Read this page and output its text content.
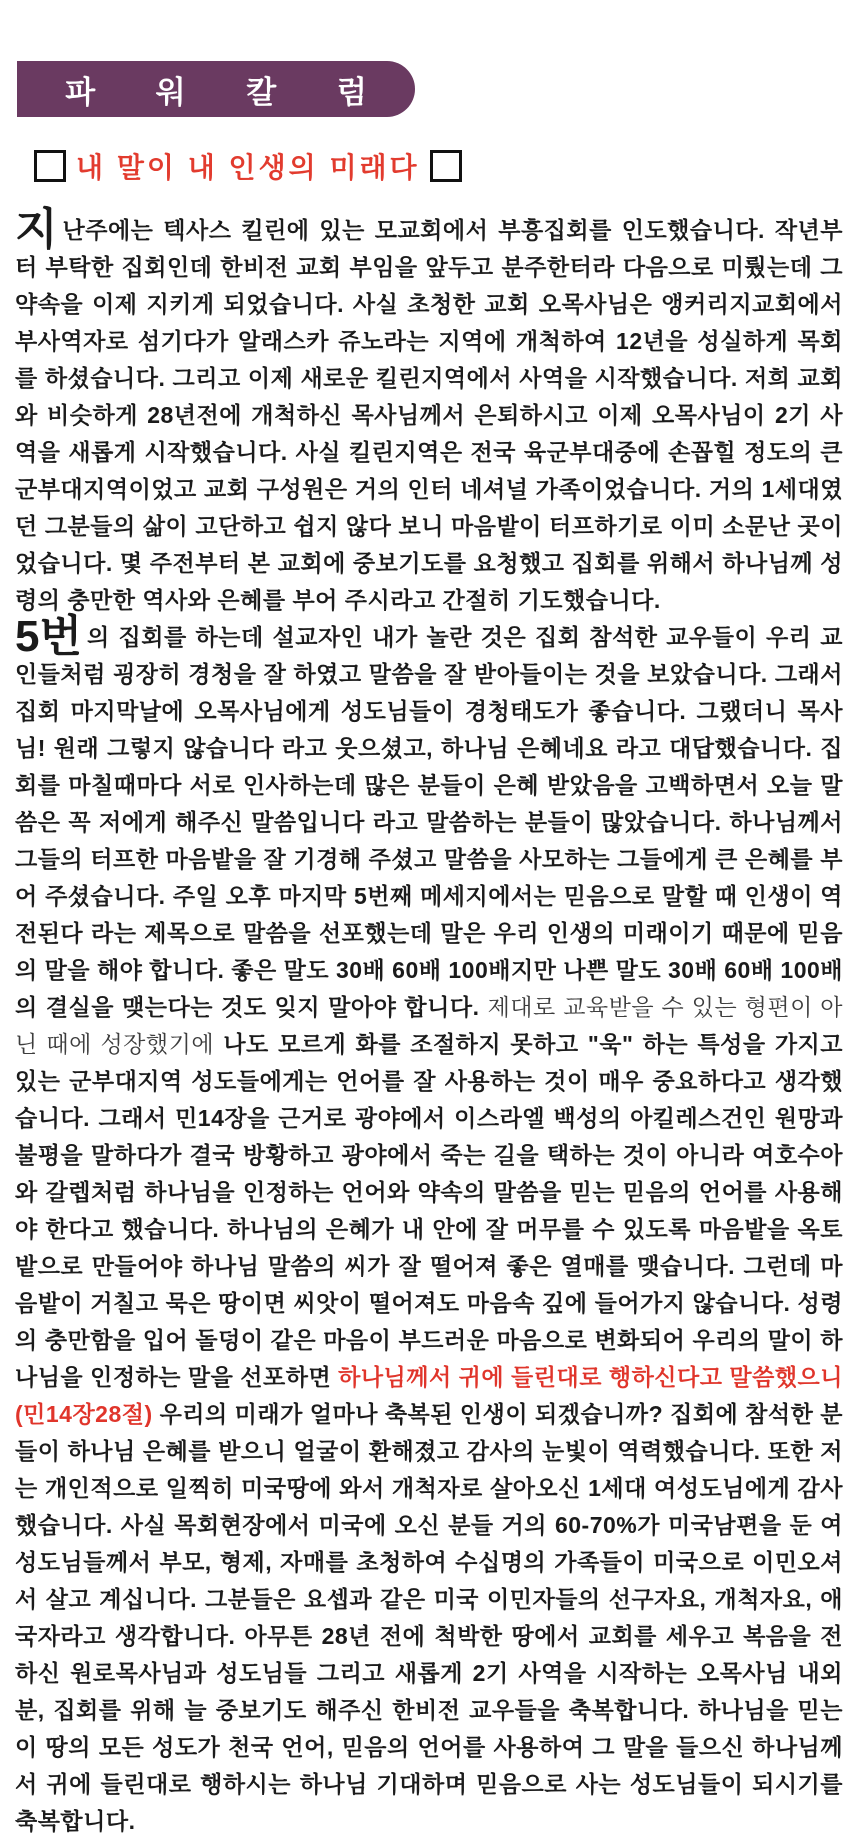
파 워 칼 럼
내 말이 내 인생의 미래다

지난주에는 텍사스 킬린에 있는 모교회에서 부흥집회를 인도했습니다. 작년부터 부탁한 집회인데 한비전 교회 부임을 앞두고 분주한터라 다음으로 미뤘는데 그 약속을 이제 지키게 되었습니다. 사실 초청한 교회 오목사님은 앵커리지교회에서 부사역자로 섬기다가 알래스카 쥬노라는 지역에 개척하여 12년을 성실하게 목회를 하셨습니다. 그리고 이제 새로운 킬린지역에서 사역을 시작했습니다. 저희 교회와 비슷하게 28년전에 개척하신 목사님께서 은퇴하시고 이제 오목사님이 2기 사역을 새롭게 시작했습니다. 사실 킬린지역은 전국 육군부대중에 손꼽힐 정도의 큰 군부대지역이었고 교회 구성원은 거의 인터 네셔널 가족이었습니다. 거의 1세대였던 그분들의 삶이 고단하고 쉽지 않다 보니 마음밭이 터프하기로 이미 소문난 곳이었습니다. 몇 주전부터 본 교회에 중보기도를 요청했고 집회를 위해서 하나님께 성령의 충만한 역사와 은혜를 부어 주시라고 간절히 기도했습니다.

5번 의 집회를 하는데 설교자인 내가 놀란 것은 집회 참석한 교우들이 우리 교인들처럼 굉장히 경청을 잘 하였고 말씀을 잘 받아들이는 것을 보았습니다. 그래서 집회 마지막날에 오목사님에게 성도님들이 경청태도가 좋습니다. 그랬더니 목사님! 원래 그렇지 않습니다 라고 웃으셨고, 하나님 은혜네요 라고 대답했습니다. 집회를 마칠때마다 서로 인사하는데 많은 분들이 은혜 받았음을 고백하면서 오늘 말씀은 꼭 저에게 해주신 말씀입니다 라고 말씀하는 분들이 많았습니다. 하나님께서 그들의 터프한 마음밭을 잘 기경해 주셨고 말씀을 사모하는 그들에게 큰 은혜를 부어 주셨습니다. 주일 오후 마지막 5번째 메세지에서는 믿음으로 말할 때 인생이 역전된다 라는 제목으로 말씀을 선포했는데 말은 우리 인생의 미래이기 때문에 믿음의 말을 해야 합니다. 좋은 말도 30배 60배 100배지만 나쁜 말도 30배 60배 100배의 결실을 맺는다는 것도 잊지 말아야 합니다. 제대로 교육받을 수 있는 형편이 아닌 때에 성장했기에 나도 모르게 화를 조절하지 못하고 "욱" 하는 특성을 가지고 있는 군부대지역 성도들에게는 언어를 잘 사용하는 것이 매우 중요하다고 생각했습니다. 그래서 민14장을 근거로 광야에서 이스라엘 백성의 아킬레스건인 원망과 불평을 말하다가 결국 방황하고 광야에서 죽는 길을 택하는 것이 아니라 여호수아와 갈렙처럼 하나님을 인정하는 언어와 약속의 말씀을 믿는 믿음의 언어를 사용해야 한다고 했습니다. 하나님의 은혜가 내 안에 잘 머무를 수 있도록 마음밭을 옥토밭으로 만들어야 하나님 말씀의 씨가 잘 떨어져 좋은 열매를 맺습니다. 그런데 마음밭이 거칠고 묵은 땅이면 씨앗이 떨어져도 마음속 깊에 들어가지 않습니다. 성령의 충만함을 입어 돌덩이 같은 마음이 부드러운 마음으로 변화되어 우리의 말이 하나님을 인정하는 말을 선포하면 하나님께서 귀에 들린대로 행하신다고 말씀했으니(민14장28절) 우리의 미래가 얼마나 축복된 인생이 되겠습니까? 집회에 참석한 분들이 하나님 은혜를 받으니 얼굴이 환해졌고 감사의 눈빛이 역력했습니다. 또한 저는 개인적으로 일찍히 미국땅에 와서 개척자로 살아오신 1세대 여성도님에게 감사했습니다. 사실 목회현장에서 미국에 오신 분들 거의 60-70%가 미국남편을 둔 여성도님들께서 부모, 형제, 자매를 초청하여 수십명의 가족들이 미국으로 이민오셔서 살고 계십니다. 그분들은 요셉과 같은 미국 이민자들의 선구자요, 개척자요, 애국자라고 생각합니다. 아무튼 28년 전에 척박한 땅에서 교회를 세우고 복음을 전하신 원로목사님과 성도님들 그리고 새롭게 2기 사역을 시작하는 오목사님 내외분, 집회를 위해 늘 중보기도 해주신 한비전 교우들을 축복합니다. 하나님을 믿는 이 땅의 모든 성도가 천국 언어, 믿음의 언어를 사용하여 그 말을 들으신 하나님께서 귀에 들린대로 행하시는 하나님 기대하며 믿음으로 사는 성도님들이 되시기를 축복합니다.
